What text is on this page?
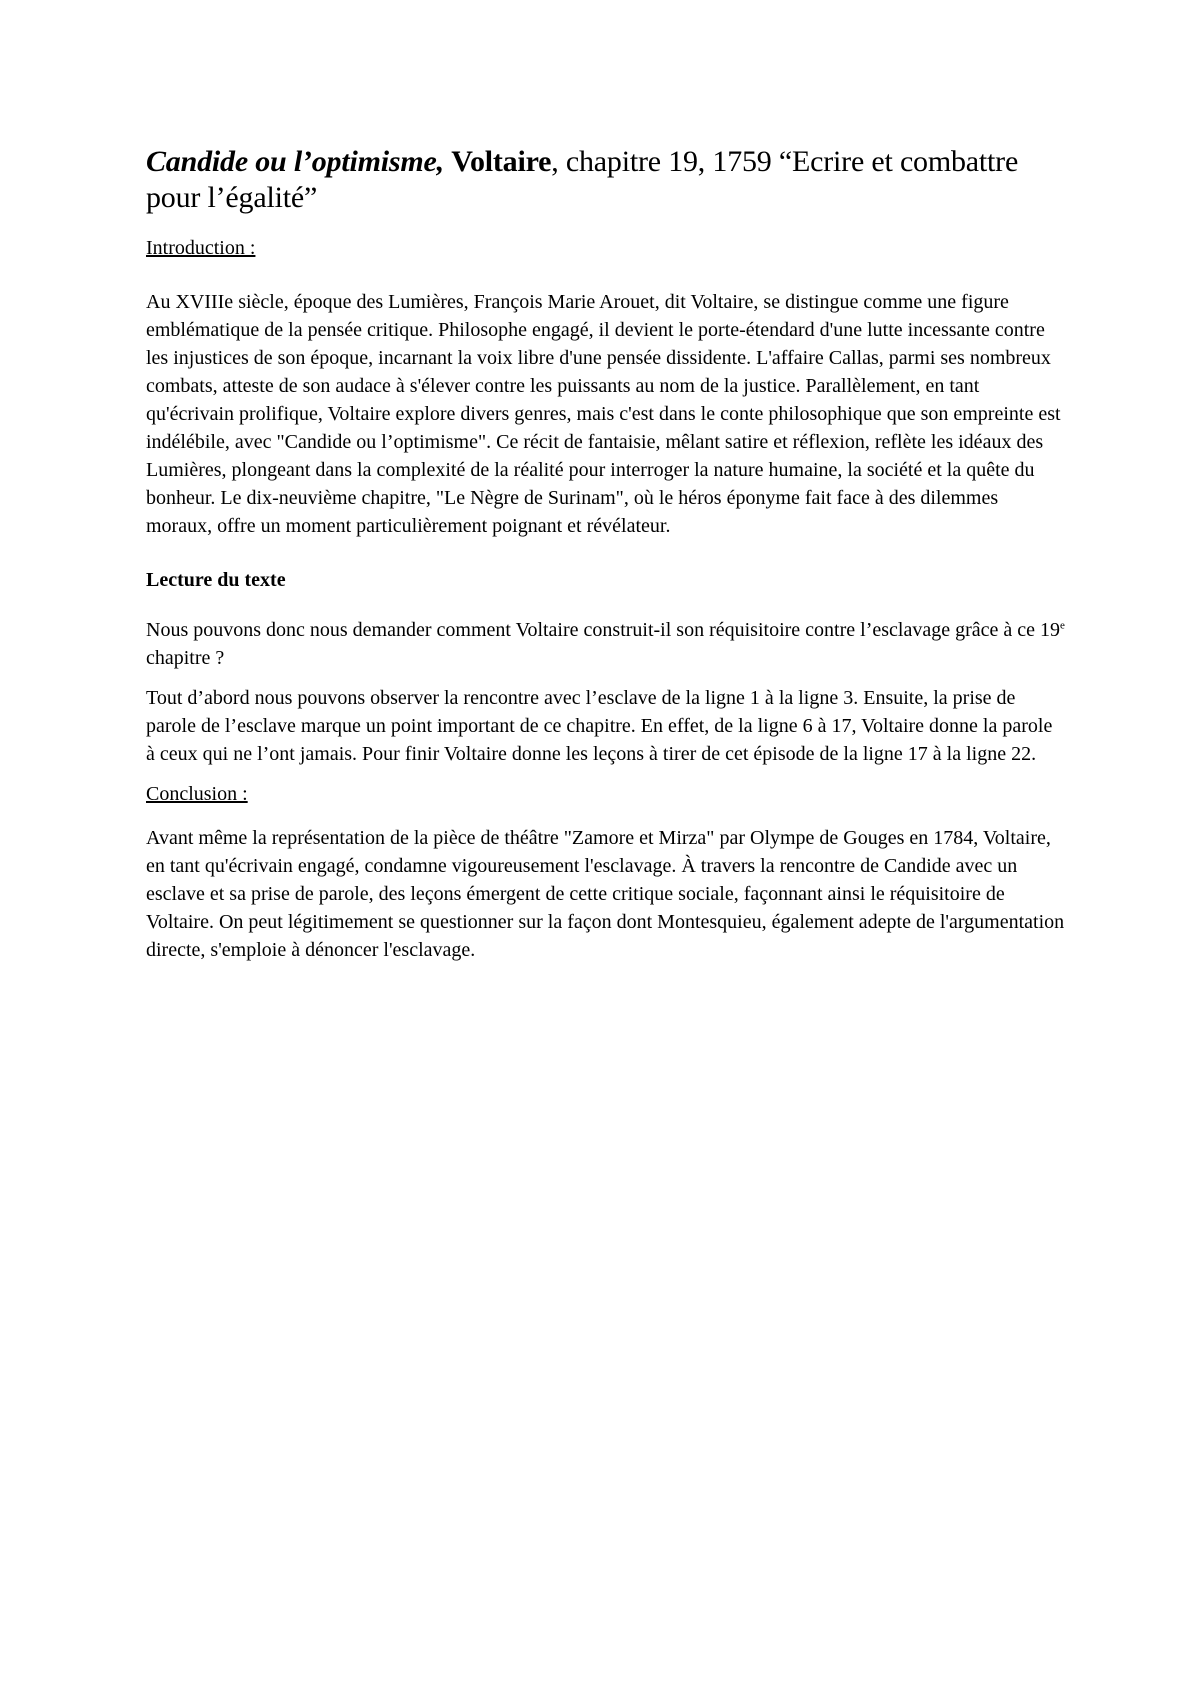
Candide ou l’optimisme, Voltaire, chapitre 19, 1759 “Ecrire et combattre pour l’égalité”

Introduction :

Au XVIIIe siècle, époque des Lumières, François Marie Arouet, dit Voltaire, se distingue comme une figure emblématique de la pensée critique. Philosophe engagé, il devient le porte-étendard d'une lutte incessante contre les injustices de son époque, incarnant la voix libre d'une pensée dissidente. L'affaire Callas, parmi ses nombreux combats, atteste de son audace à s'élever contre les puissants au nom de la justice. Parallèlement, en tant qu'écrivain prolifique, Voltaire explore divers genres, mais c'est dans le conte philosophique que son empreinte est indélébile, avec "Candide ou l’optimisme". Ce récit de fantaisie, mêlant satire et réflexion, reflète les idéaux des Lumières, plongeant dans la complexité de la réalité pour interroger la nature humaine, la société et la quête du bonheur. Le dix-neuvième chapitre, "Le Nègre de Surinam", où le héros éponyme fait face à des dilemmes moraux, offre un moment particulièrement poignant et révélateur.

Lecture du texte

Nous pouvons donc nous demander comment Voltaire construit-il son réquisitoire contre l’esclavage grâce à ce 19e chapitre ?

Tout d’abord nous pouvons observer la rencontre avec l’esclave de la ligne 1 à la ligne 3. Ensuite, la prise de parole de l’esclave marque un point important de ce chapitre. En effet, de la ligne 6 à 17, Voltaire donne la parole à ceux qui ne l’ont jamais. Pour finir Voltaire donne les leçons à tirer de cet épisode de la ligne 17 à la ligne 22.

Conclusion :

Avant même la représentation de la pièce de théâtre "Zamore et Mirza" par Olympe de Gouges en 1784, Voltaire, en tant qu'écrivain engagé, condamne vigoureusement l'esclavage. À travers la rencontre de Candide avec un esclave et sa prise de parole, des leçons émergent de cette critique sociale, façonnant ainsi le réquisitoire de Voltaire. On peut légitimement se questionner sur la façon dont Montesquieu, également adepte de l'argumentation directe, s'emploie à dénoncer l'esclavage.
